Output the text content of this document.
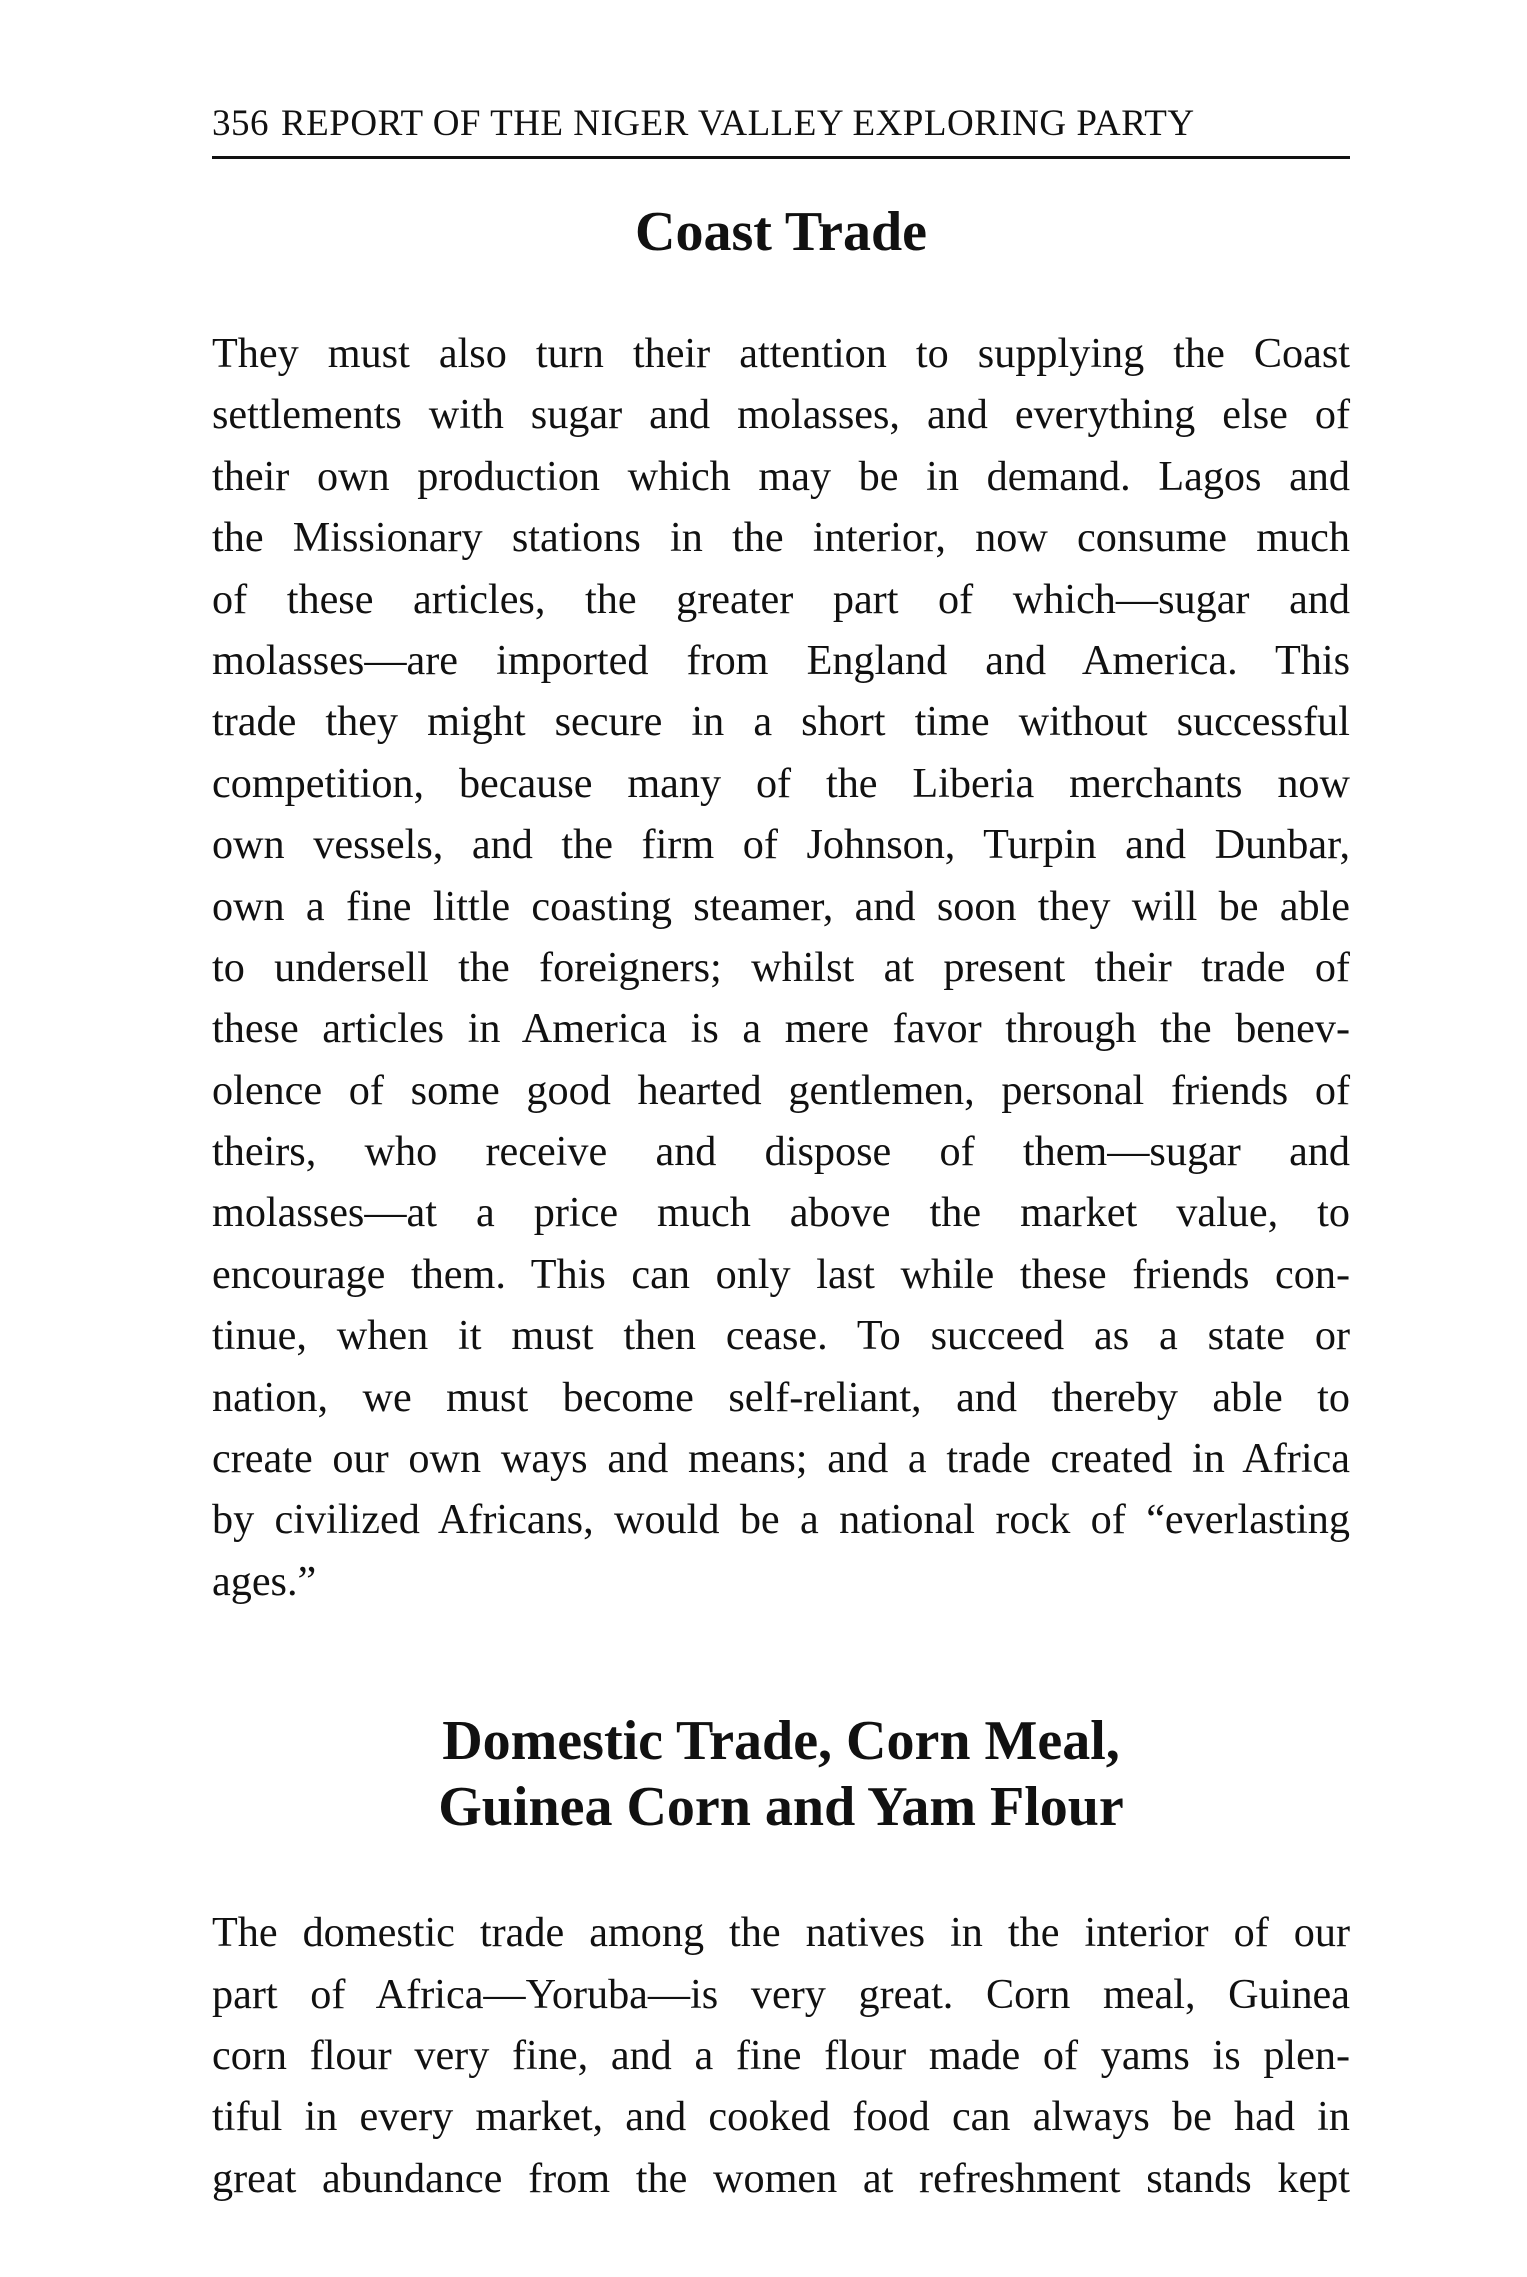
356 REPORT OF THE NIGER VALLEY EXPLORING PARTY
Coast Trade
They must also turn their attention to supplying the Coast
settlements with sugar and molasses, and everything else of
their own production which may be in demand. Lagos and
the Missionary stations in the interior, now consume much
of these articles, the greater part of which—sugar and
molasses—are imported from England and America. This
trade they might secure in a short time without successful
competition, because many of the Liberia merchants now
own vessels, and the firm of Johnson, Turpin and Dunbar,
own a fine little coasting steamer, and soon they will be able
to undersell the foreigners; whilst at present their trade of
these articles in America is a mere favor through the benev-
olence of some good hearted gentlemen, personal friends of
theirs, who receive and dispose of them—sugar and
molasses—at a price much above the market value, to
encourage them. This can only last while these friends con-
tinue, when it must then cease. To succeed as a state or
nation, we must become self-reliant, and thereby able to
create our own ways and means; and a trade created in Africa
by civilized Africans, would be a national rock of “everlasting
ages.”
Domestic Trade, Corn Meal,
Guinea Corn and Yam Flour
The domestic trade among the natives in the interior of our
part of Africa—Yoruba—is very great. Corn meal, Guinea
corn flour very fine, and a fine flour made of yams is plen-
tiful in every market, and cooked food can always be had in
great abundance from the women at refreshment stands kept
